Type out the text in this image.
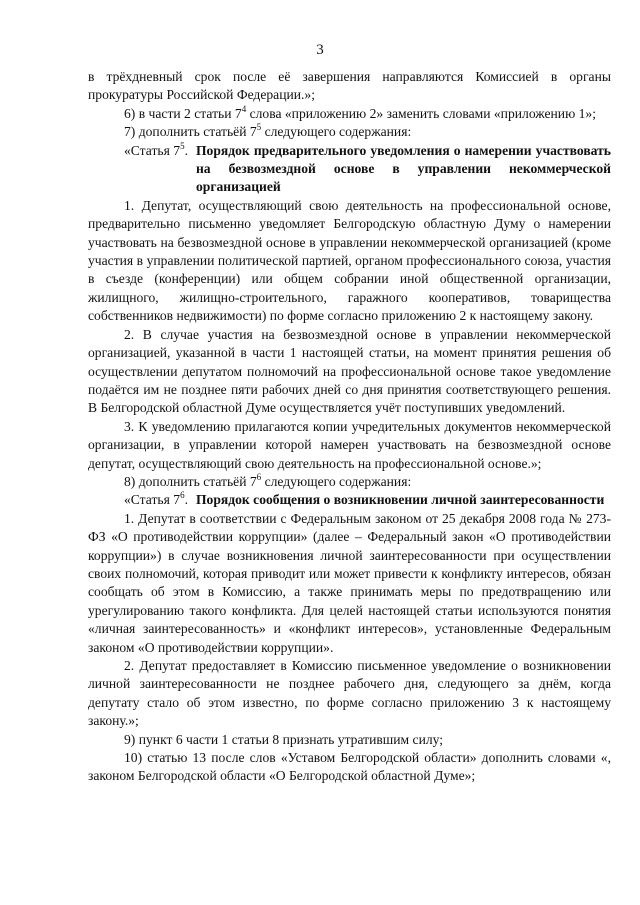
3

в трёхдневный срок после её завершения направляются Комиссией в органы прокуратуры Российской Федерации.»;

6) в части 2 статьи $7^4$ слова «приложению 2» заменить словами «приложению 1»;

7) дополнить статьёй $7^5$ следующего содержания:

«Статья $7^5$. Порядок предварительного уведомления о намерении участвовать на безвозмездной основе в управлении некоммерческой организацией

1. Депутат, осуществляющий свою деятельность на профессиональной основе, предварительно письменно уведомляет Белгородскую областную Думу о намерении участвовать на безвозмездной основе в управлении некоммерческой организацией (кроме участия в управлении политической партией, органом профессионального союза, участия в съезде (конференции) или общем собрании иной общественной организации, жилищного, жилищно-строительного, гаражного кооперативов, товарищества собственников недвижимости) по форме согласно приложению 2 к настоящему закону.

2. В случае участия на безвозмездной основе в управлении некоммерческой организацией, указанной в части 1 настоящей статьи, на момент принятия решения об осуществлении депутатом полномочий на профессиональной основе такое уведомление подаётся им не позднее пяти рабочих дней со дня принятия соответствующего решения. В Белгородской областной Думе осуществляется учёт поступивших уведомлений.

3. К уведомлению прилагаются копии учредительных документов некоммерческой организации, в управлении которой намерен участвовать на безвозмездной основе депутат, осуществляющий свою деятельность на профессиональной основе.»;

8) дополнить статьёй $7^6$ следующего содержания:

«Статья $7^6$. Порядок сообщения о возникновении личной заинтересованности

1. Депутат в соответствии с Федеральным законом от 25 декабря 2008 года № 273-ФЗ «О противодействии коррупции» (далее – Федеральный закон «О противодействии коррупции») в случае возникновения личной заинтересованности при осуществлении своих полномочий, которая приводит или может привести к конфликту интересов, обязан сообщать об этом в Комиссию, а также принимать меры по предотвращению или урегулированию такого конфликта. Для целей настоящей статьи используются понятия «личная заинтересованность» и «конфликт интересов», установленные Федеральным законом «О противодействии коррупции».

2. Депутат предоставляет в Комиссию письменное уведомление о возникновении личной заинтересованности не позднее рабочего дня, следующего за днём, когда депутату стало об этом известно, по форме согласно приложению 3 к настоящему закону.»;

9) пункт 6 части 1 статьи 8 признать утратившим силу;

10) статью 13 после слов «Уставом Белгородской области» дополнить словами «, законом Белгородской области «О Белгородской областной Думе»;
